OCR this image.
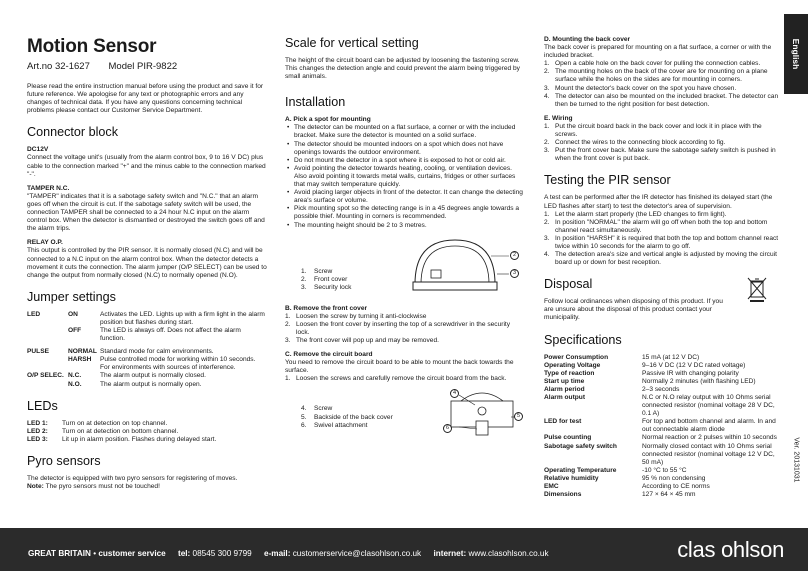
Motion Sensor
Art.no 32-1627 Model PIR-9822

Please read the entire instruction manual before using the product and save it for future reference. We apologise for any text or photographic errors and any changes of technical data. If you have any questions concerning technical problems please contact our Customer Service Department.

Connector block
DC12V

Connect the voltage unit's (usually from the alarm control box, 9 to 16 V DC) plus cable to the connection marked "+" and the minus cable to the connection marked "-".

TAMPER N.C.

"TAMPER" indicates that it is a sabotage safety switch and "N.C." that an alarm goes off when the circuit is cut. If the sabotage safety switch will be used, the connection TAMPER shall be connected to a 24 hour N.C input on the alarm control box. When the detector is dismantled or destroyed the switch goes off and the alarm trips.

RELAY O.P.

This output is controlled by the PIR sensor. It is normally closed (N.C) and will be connected to a N.C input on the alarm control box. When the detector detects a movement it cuts the connection. The alarm jumper (O/P SELECT) can be used to change the output from normally closed (N.C) to normally opened (N.O).

Jumper settings
LED	ON	Activates the LED. Lights up with a firm light in the alarm position but flashes during start.
OFF	The LED is always off. Does not affect the alarm function.
PULSE	NORMAL Standard mode for calm environments.
HARSH	Pulse controlled mode for working within 10 seconds. For environments with sources of interference.
O/P SELEC. N.C.	The alarm output is normally closed.
N.O.	The alarm output is normally open.
LEDs
LED 1:	Turn on at detection on top channel.
LED 2:	Turn on at detection on bottom channel.
LED 3:	Lit up in alarm position. Flashes during delayed start.
Pyro sensors

The detector is equipped with two pyro sensors for registering of moves.

Note: The pyro sensors must not be touched!

Scale for vertical setting

The height of the circuit board can be adjusted by loosening the fastening screw. This changes the detection angle and could prevent the alarm being triggered by small animals.

Installation
A. Pick a spot for mounting
• The detector can be mounted on a flat surface, a corner or with the included bracket. Make sure the detector is mounted on a solid surface.
• The detector should be mounted indoors on a spot which does not have openings towards the outdoor environment.
• Do not mount the detector in a spot where it is exposed to hot or cold air.
• Avoid pointing the detector towards heating, cooling, or ventilation devices. Also avoid pointing it towards metal walls, curtains, fridges or other surfaces that may switch temperature quickly.
• Avoid placing larger objects in front of the detector. It can change the detecting area's surface or volume.
• Pick mounting spot so the detecting range is in a 45 degrees angle towards a possible thief. Mounting in corners is recommended.
• The mounting height should be 2 to 3 metres.
2
3
1. Screw
2. Front cover
3. Security lock
B. Remove the front cover
1. Loosen the screw by turning it anti-clockwise
2. Loosen the front cover by inserting the top of a screwdriver in the security lock.
3. The front cover will pop up and may be removed.
C. Remove the circuit board

You need to remove the circuit board to be able to mount the back towards the surface.

1. Loosen the screws and carefully remove the circuit board from the back.
4
5
6
4. Screw
5. Backside of the back cover
6. Swivel attachment
D. Mounting the back cover

The back cover is prepared for mounting on a flat surface, a corner or with the included bracket.

1. Open a cable hole on the back cover for pulling the connection cables.
2. The mounting holes on the back of the cover are for mounting on a plane surface while the holes on the sides are for mounting in corners.
3. Mount the detector's back cover on the spot you have chosen.
4. The detector can also be mounted on the included bracket. The detector can then be turned to the right position for best detection.
E. Wiring
1. Put the circuit board back in the back cover and lock it in place with the screws.
2. Connect the wires to the connecting block according to fig.
3. Put the front cover back. Make sure the sabotage safety switch is pushed in when the front cover is put back.
Testing the PIR sensor

A test can be performed after the IR detector has finished its delayed start (the LED flashes after start) to test the detector's area of supervision.

1. Let the alarm start properly (the LED changes to firm light).
2. In position "NORMAL" the alarm will go off when both the top and bottom channel react simultaneously.
3. In position "HARSH" it is required that both the top and bottom channel react twice within 10 seconds for the alarm to go off.
4. The detection area's size and vertical angle is adjusted by moving the circuit board up or down for best reception.
Disposal

Follow local ordinances when disposing of this product. If you are unsure about the disposal of this product contact your municipality.

Specifications
Power Consumption	15 mA (at 12 V DC)
Operating Voltage	9–16 V DC (12 V DC rated voltage)
Type of reaction	Passive IR with changing polarity
Start up time	Normally 2 minutes (with flashing LED)
Alarm period	2–3 seconds
Alarm output	N.C or N.O relay output with 10 Ohms serial connected resistor (nominal voltage 28 V DC, 0.1 A)
LED for test	For top and bottom channel and alarm. In and out connectable alarm diode
Pulse counting	Normal reaction or 2 pulses within 10 seconds
Sabotage safety switch	Normally closed contact with 10 Ohms serial connected resistor (nominal voltage 12 V DC, 50 mA)
Operating Temperature	-10 °C to 55 °C
Relative humidity	95 % non condensing
EMC	According to CE norms
Dimensions	127 × 64 × 45 mm
English
Ver. 20131031
GREAT BRITAIN • customer service tel: 08545 300 9799 e-mail: customerservice@clasohlson.co.uk internet: www.clasohlson.co.uk	clas ohlson
